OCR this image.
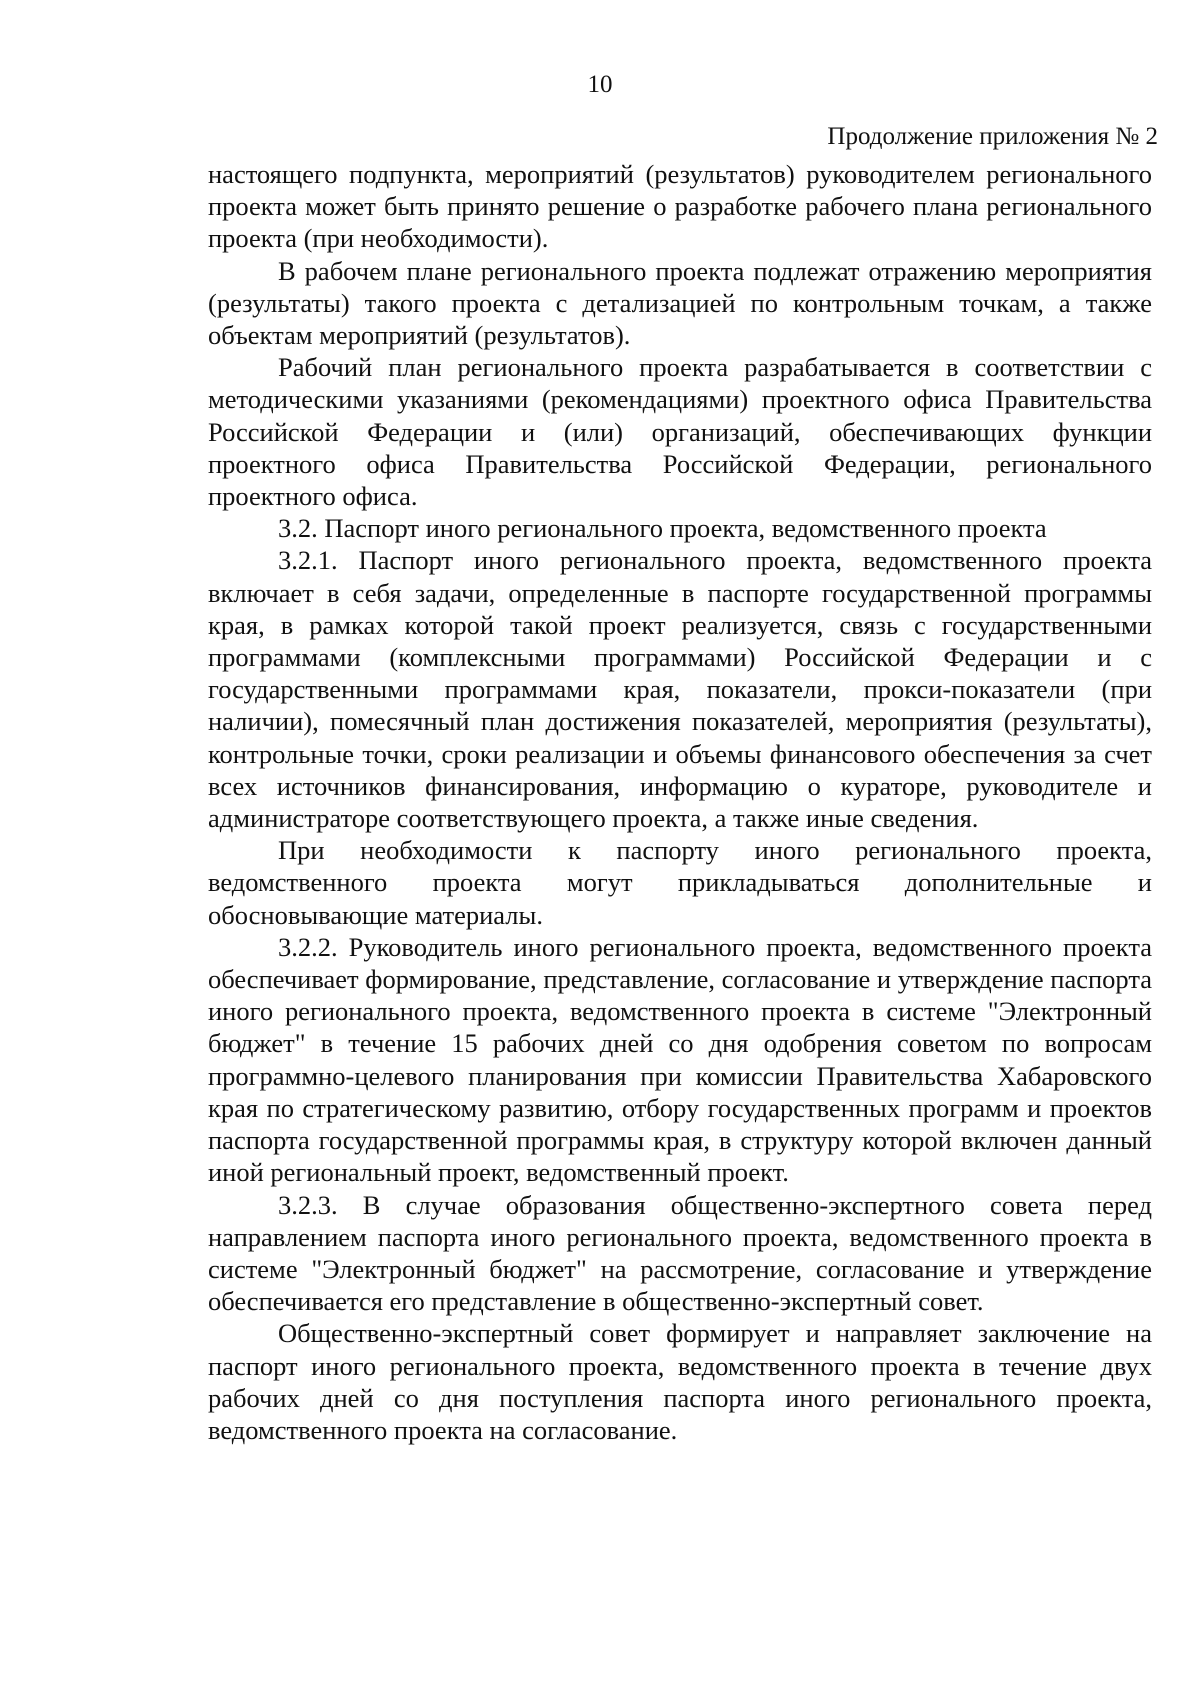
10
Продолжение приложения № 2

настоящего подпункта, мероприятий (результатов) руководителем регионального проекта может быть принято решение о разработке рабочего плана регионального проекта (при необходимости).

В рабочем плане регионального проекта подлежат отражению мероприятия (результаты) такого проекта с детализацией по контрольным точкам, а также объектам мероприятий (результатов).

Рабочий план регионального проекта разрабатывается в соответствии с методическими указаниями (рекомендациями) проектного офиса Правительства Российской Федерации и (или) организаций, обеспечивающих функции проектного офиса Правительства Российской Федерации, регионального проектного офиса.

3.2. Паспорт иного регионального проекта, ведомственного проекта

3.2.1. Паспорт иного регионального проекта, ведомственного проекта включает в себя задачи, определенные в паспорте государственной программы края, в рамках которой такой проект реализуется, связь с государственными программами (комплексными программами) Российской Федерации и с государственными программами края, показатели, прокси-показатели (при наличии), помесячный план достижения показателей, мероприятия (результаты), контрольные точки, сроки реализации и объемы финансового обеспечения за счет всех источников финансирования, информацию о кураторе, руководителе и администраторе соответствующего проекта, а также иные сведения.

При необходимости к паспорту иного регионального проекта, ведомственного проекта могут прикладываться дополнительные и обосновывающие материалы.

3.2.2. Руководитель иного регионального проекта, ведомственного проекта обеспечивает формирование, представление, согласование и утверждение паспорта иного регионального проекта, ведомственного проекта в системе "Электронный бюджет" в течение 15 рабочих дней со дня одобрения советом по вопросам программно-целевого планирования при комиссии Правительства Хабаровского края по стратегическому развитию, отбору государственных программ и проектов паспорта государственной программы края, в структуру которой включен данный иной региональный проект, ведомственный проект.

3.2.3. В случае образования общественно-экспертного совета перед направлением паспорта иного регионального проекта, ведомственного проекта в системе "Электронный бюджет" на рассмотрение, согласование и утверждение обеспечивается его представление в общественно-экспертный совет.

Общественно-экспертный совет формирует и направляет заключение на паспорт иного регионального проекта, ведомственного проекта в течение двух рабочих дней со дня поступления паспорта иного регионального проекта, ведомственного проекта на согласование.
